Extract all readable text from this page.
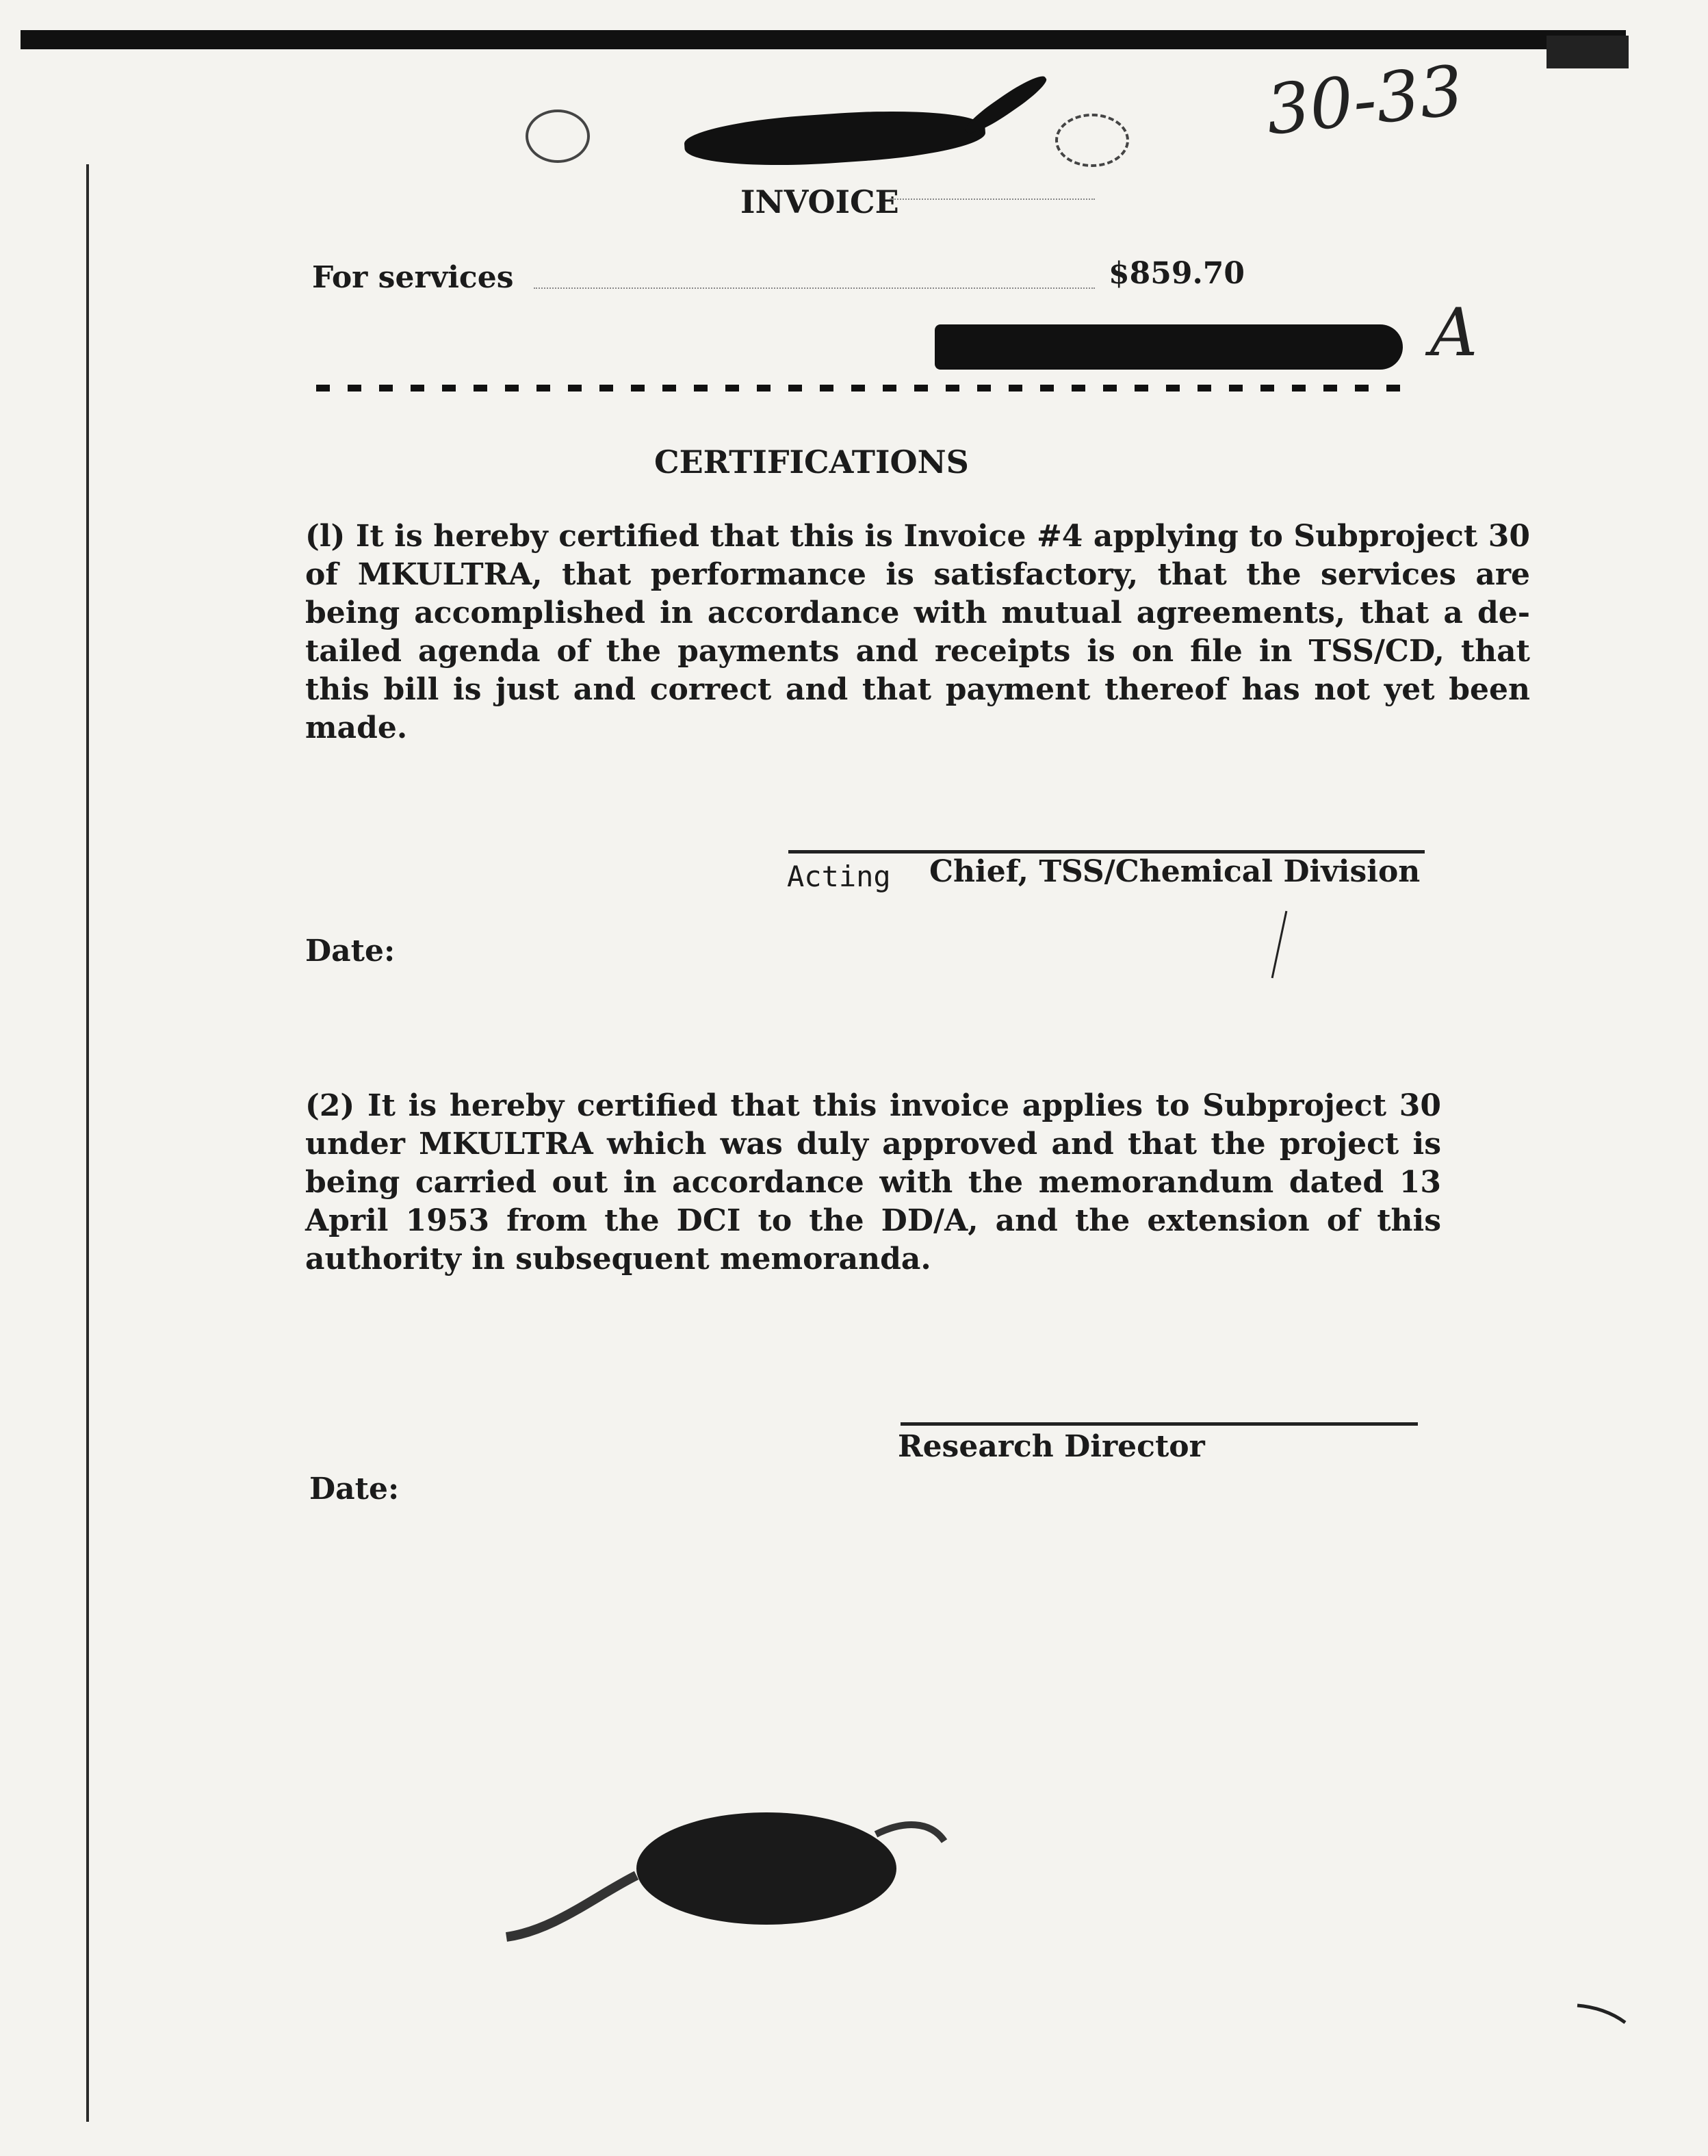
30-33
INVOICE
For services	$859.70
A
CERTIFICATIONS
(l) It is hereby certified that this is Invoice #4 applying to Subproject 30 of MKULTRA, that performance is satisfactory, that the services are being accomplished in accordance with mutual agreements, that a de-tailed agenda of the payments and receipts is on file in TSS/CD, that this bill is just and correct and that payment thereof has not yet been made.
Acting Chief, TSS/Chemical Division
Date:
(2) It is hereby certified that this invoice applies to Subproject 30 under MKULTRA which was duly approved and that the project is being carried out in accordance with the memorandum dated 13 April 1953 from the DCI to the DD/A, and the extension of this authority in subsequent memoranda.
Research Director
Date:
